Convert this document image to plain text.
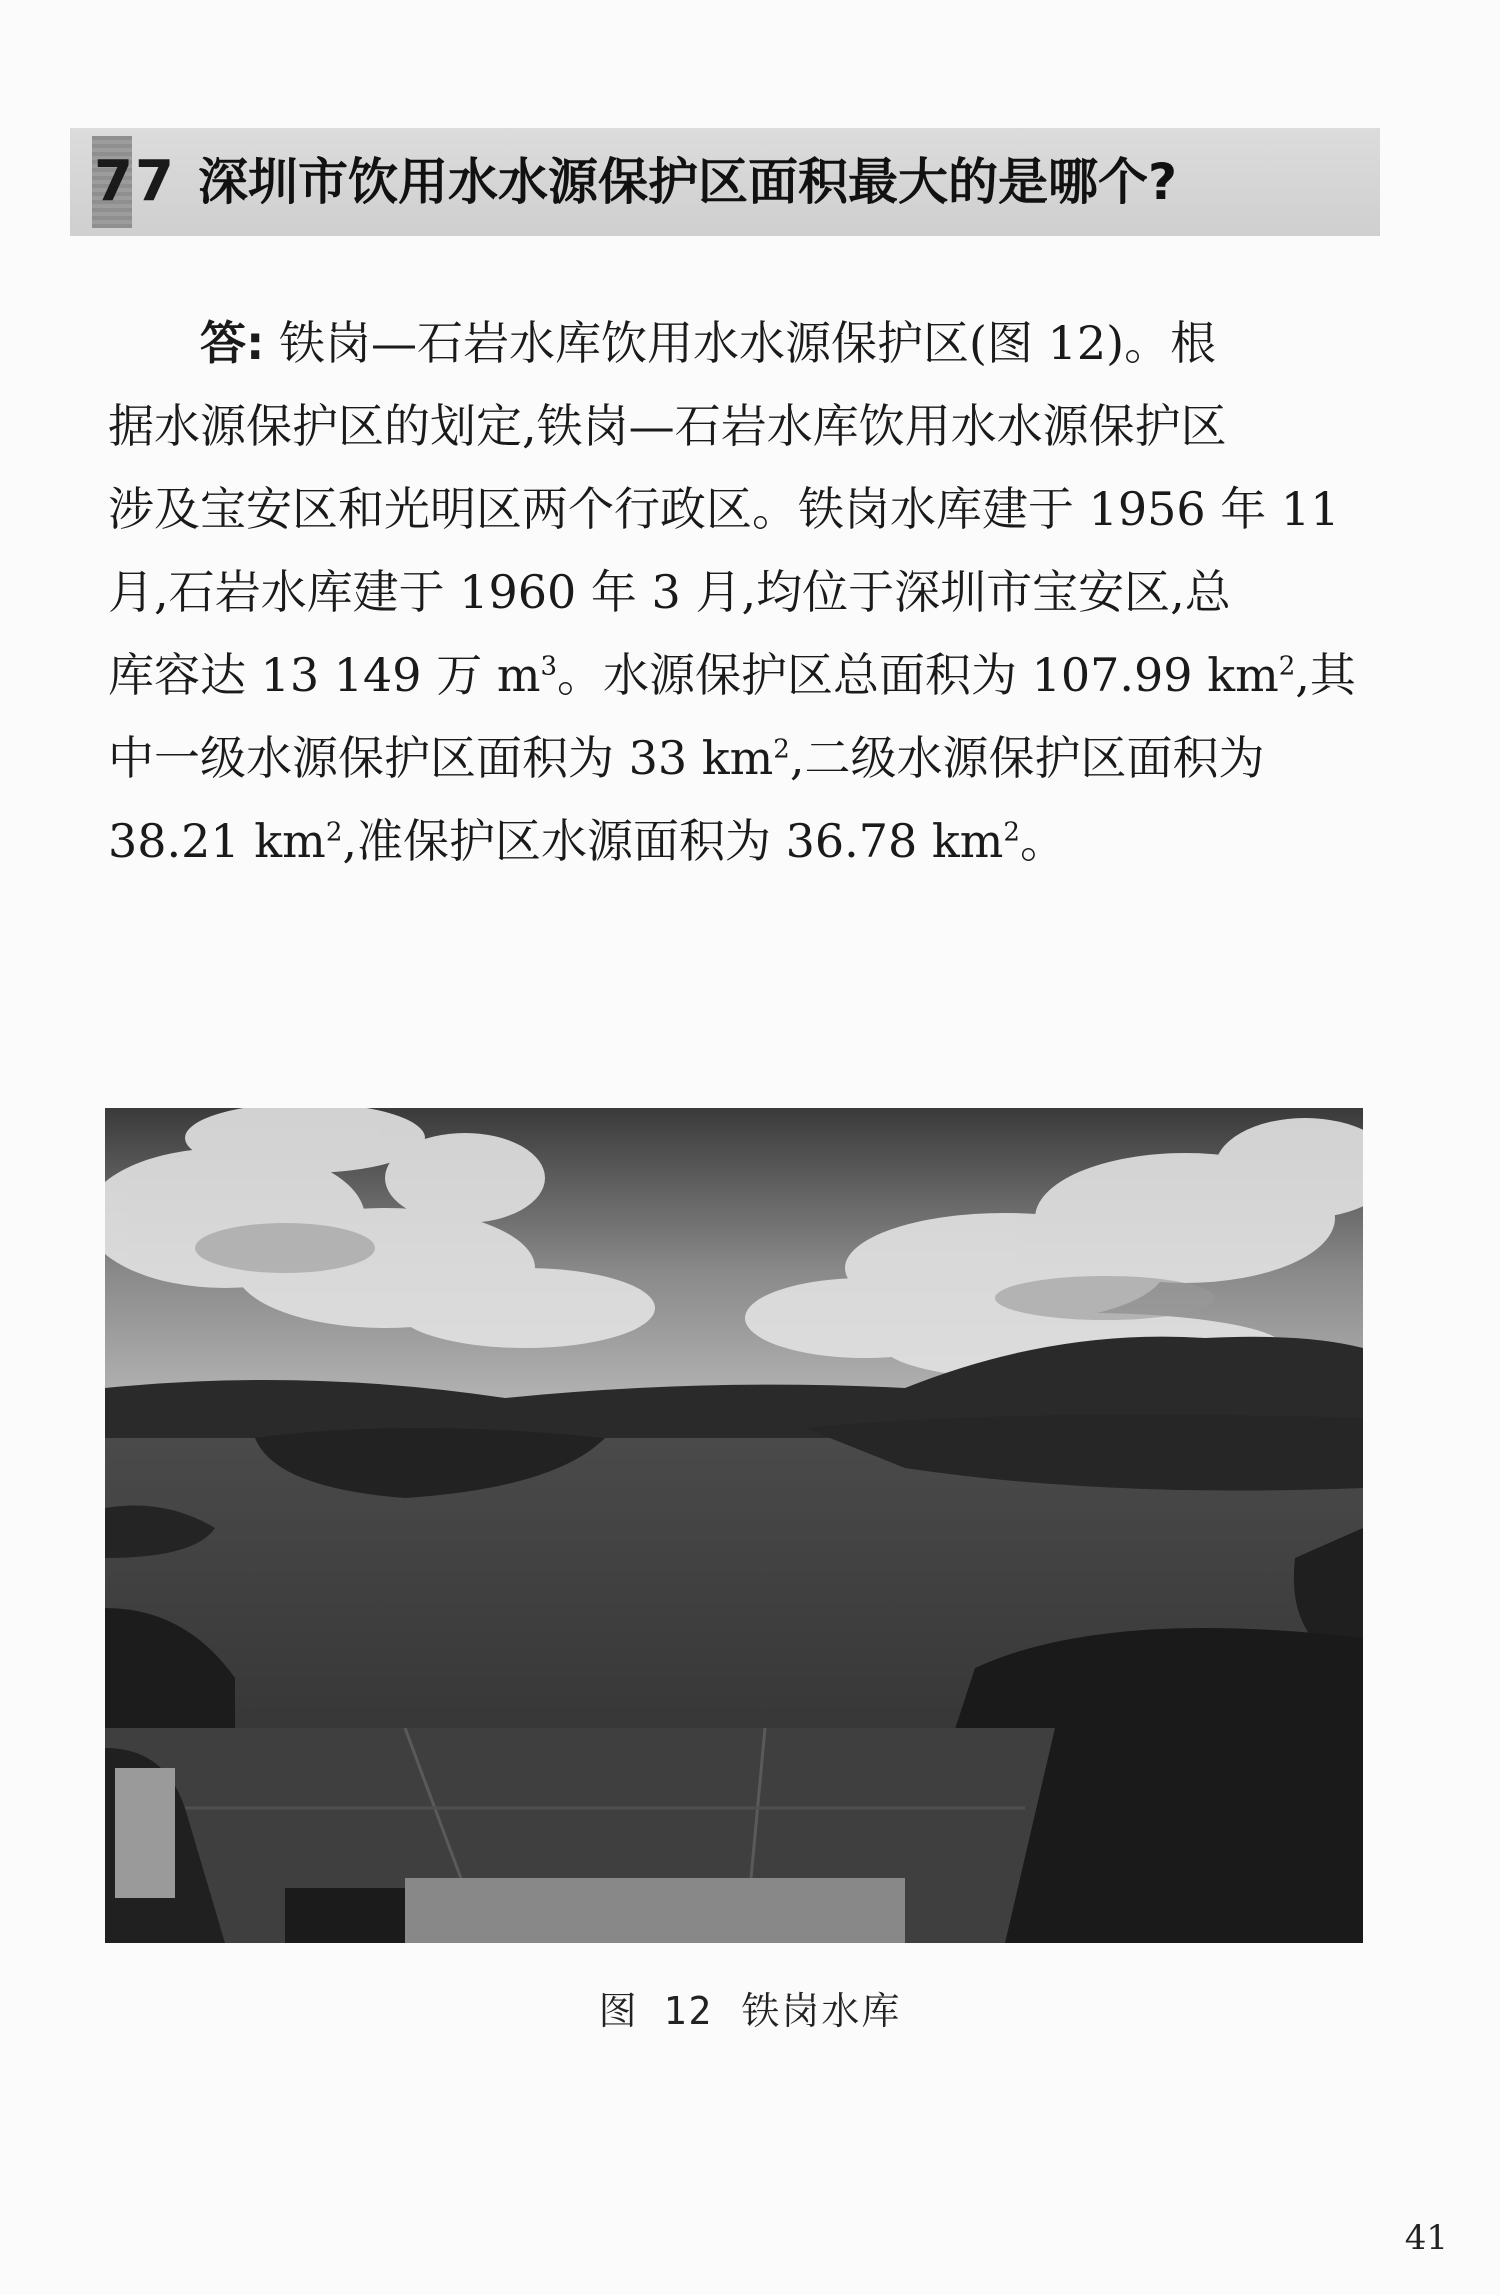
77 深圳市饮用水水源保护区面积最大的是哪个?
答: 铁岗—石岩水库饮用水水源保护区(图 12)。根
据水源保护区的划定,铁岗—石岩水库饮用水水源保护区
涉及宝安区和光明区两个行政区。铁岗水库建于 1956 年 11
月,石岩水库建于 1960 年 3 月,均位于深圳市宝安区,总
库容达 13 149 万 $m^3$。水源保护区总面积为 107.99 $km^2$,其
中一级水源保护区面积为 33 $km^2$,二级水源保护区面积为
38.21 $km^2$,准保护区水源面积为 36.78 $km^2$。
图 12 铁岗水库
41
